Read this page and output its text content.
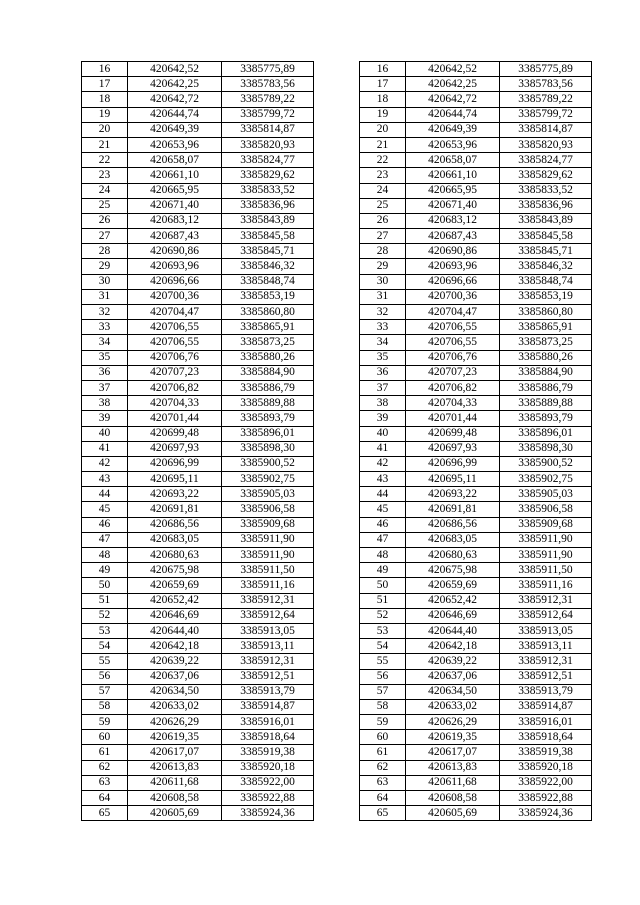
16	420642,52	3385775,89		16	420642,52	3385775,89
17	420642,25	3385783,56		17	420642,25	3385783,56
18	420642,72	3385789,22		18	420642,72	3385789,22
19	420644,74	3385799,72		19	420644,74	3385799,72
20	420649,39	3385814,87		20	420649,39	3385814,87
21	420653,96	3385820,93		21	420653,96	3385820,93
22	420658,07	3385824,77		22	420658,07	3385824,77
23	420661,10	3385829,62		23	420661,10	3385829,62
24	420665,95	3385833,52		24	420665,95	3385833,52
25	420671,40	3385836,96		25	420671,40	3385836,96
26	420683,12	3385843,89		26	420683,12	3385843,89
27	420687,43	3385845,58		27	420687,43	3385845,58
28	420690,86	3385845,71		28	420690,86	3385845,71
29	420693,96	3385846,32		29	420693,96	3385846,32
30	420696,66	3385848,74		30	420696,66	3385848,74
31	420700,36	3385853,19		31	420700,36	3385853,19
32	420704,47	3385860,80		32	420704,47	3385860,80
33	420706,55	3385865,91		33	420706,55	3385865,91
34	420706,55	3385873,25		34	420706,55	3385873,25
35	420706,76	3385880,26		35	420706,76	3385880,26
36	420707,23	3385884,90		36	420707,23	3385884,90
37	420706,82	3385886,79		37	420706,82	3385886,79
38	420704,33	3385889,88		38	420704,33	3385889,88
39	420701,44	3385893,79		39	420701,44	3385893,79
40	420699,48	3385896,01		40	420699,48	3385896,01
41	420697,93	3385898,30		41	420697,93	3385898,30
42	420696,99	3385900,52		42	420696,99	3385900,52
43	420695,11	3385902,75		43	420695,11	3385902,75
44	420693,22	3385905,03		44	420693,22	3385905,03
45	420691,81	3385906,58		45	420691,81	3385906,58
46	420686,56	3385909,68		46	420686,56	3385909,68
47	420683,05	3385911,90		47	420683,05	3385911,90
48	420680,63	3385911,90		48	420680,63	3385911,90
49	420675,98	3385911,50		49	420675,98	3385911,50
50	420659,69	3385911,16		50	420659,69	3385911,16
51	420652,42	3385912,31		51	420652,42	3385912,31
52	420646,69	3385912,64		52	420646,69	3385912,64
53	420644,40	3385913,05		53	420644,40	3385913,05
54	420642,18	3385913,11		54	420642,18	3385913,11
55	420639,22	3385912,31		55	420639,22	3385912,31
56	420637,06	3385912,51		56	420637,06	3385912,51
57	420634,50	3385913,79		57	420634,50	3385913,79
58	420633,02	3385914,87		58	420633,02	3385914,87
59	420626,29	3385916,01		59	420626,29	3385916,01
60	420619,35	3385918,64		60	420619,35	3385918,64
61	420617,07	3385919,38		61	420617,07	3385919,38
62	420613,83	3385920,18		62	420613,83	3385920,18
63	420611,68	3385922,00		63	420611,68	3385922,00
64	420608,58	3385922,88		64	420608,58	3385922,88
65	420605,69	3385924,36		65	420605,69	3385924,36
